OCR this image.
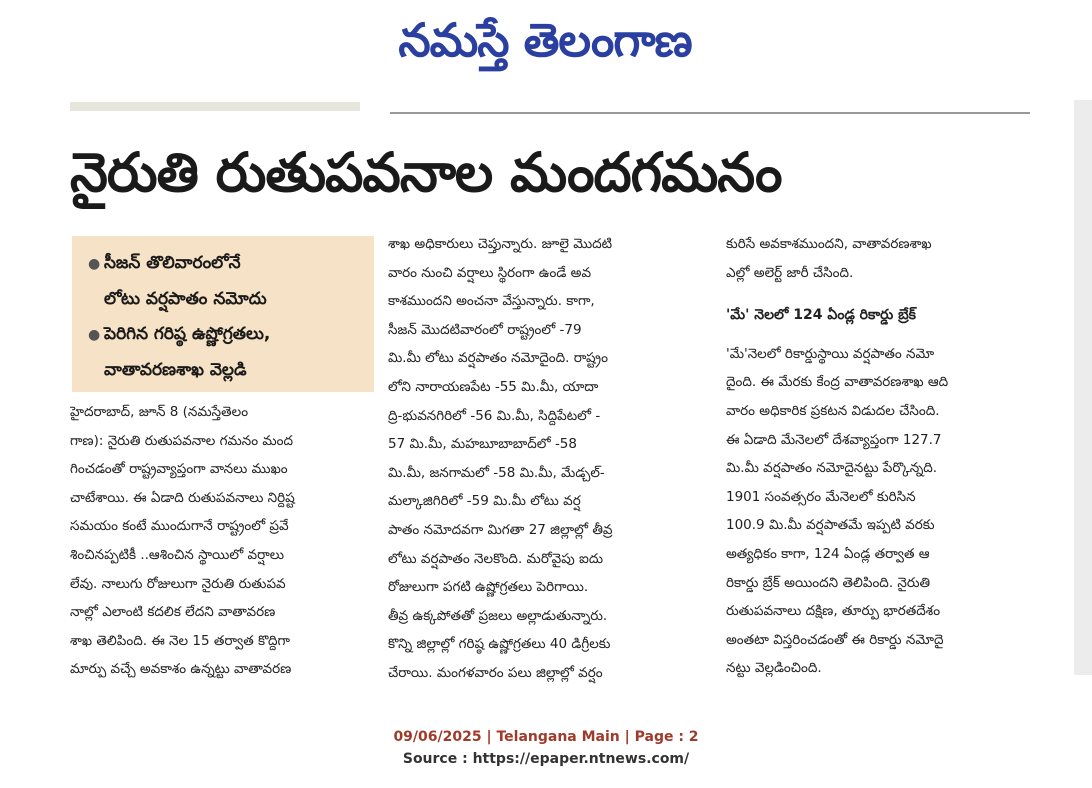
నమస్తే తెలంగాణ
నైరుతి రుతుపవనాల మందగమనం
● సీజన్ తొలివారంలోనే
లోటు వర్షపాతం నమోదు
● పెరిగిన గరిష్ఠ ఉష్ణోగ్రతలు,
వాతావరణశాఖ వెల్లడి

హైదరాబాద్, జూన్ 8 (నమస్తేతెలం

గాణ): నైరుతి రుతుపవనాల గమనం మంద

గించడంతో రాష్ట్రవ్యాప్తంగా వానలు ముఖం

చాటేశాయి. ఈ ఏడాది రుతుపవనాలు నిర్దిష్ట

సమయం కంటే ముందుగానే రాష్ట్రంలో ప్రవే

శించినప్పటికీ ..ఆశించిన స్థాయిలో వర్షాలు

లేవు. నాలుగు రోజులుగా నైరుతి రుతుపవ

నాల్లో ఎలాంటి కదలిక లేదని వాతావరణ

శాఖ తెలిపింది. ఈ నెల 15 తర్వాత కొద్దిగా

మార్పు వచ్చే అవకాశం ఉన్నట్టు వాతావరణ

శాఖ అధికారులు చెప్తున్నారు. జూలై మొదటి

వారం నుంచి వర్షాలు స్థిరంగా ఉండే అవ

కాశముందని అంచనా వేస్తున్నారు. కాగా,

సీజన్ మొదటివారంలో రాష్ట్రంలో -79

మి.మీ లోటు వర్షపాతం నమోదైంది. రాష్ట్రం

లోని నారాయణపేట -55 మి.మీ, యాదా

ద్రి-భువనగిరిలో -56 మి.మీ, సిద్దిపేటలో -

57 మి.మీ, మహబూబాబాద్‌లో -58

మి.మీ, జనగామలో -58 మి.మీ, మేడ్చల్-

మల్కాజిగిరిలో -59 మి.మీ లోటు వర్ష

పాతం నమోదవగా మిగతా 27 జిల్లాల్లో తీవ్ర

లోటు వర్షపాతం నెలకొంది. మరోవైపు ఐదు

రోజులుగా పగటి ఉష్ణోగ్రతలు పెరిగాయి.

తీవ్ర ఉక్కపోతతో ప్రజలు అల్లాడుతున్నారు.

కొన్ని జిల్లాల్లో గరిష్ఠ ఉష్ణోగ్రతలు 40 డిగ్రీలకు

చేరాయి. మంగళవారం పలు జిల్లాల్లో వర్షం

కురిసే అవకాశముందని, వాతావరణశాఖ

ఎల్లో అలెర్ట్ జారీ చేసింది.

'మే' నెలలో 124 ఏండ్ల రికార్డు బ్రేక్

'మే'నెలలో రికార్డుస్థాయి వర్షపాతం నమో

దైంది. ఈ మేరకు కేంద్ర వాతావరణశాఖ ఆది

వారం అధికారిక ప్రకటన విడుదల చేసింది.

ఈ ఏడాది మేనెలలో దేశవ్యాప్తంగా 127.7

మి.మీ వర్షపాతం నమోదైనట్టు పేర్కొన్నది.

1901 సంవత్సరం మేనెలలో కురిసిన

100.9 మి.మీ వర్షపాతమే ఇప్పటి వరకు

అత్యధికం కాగా, 124 ఏండ్ల తర్వాత ఆ

రికార్డు బ్రేక్ అయిందని తెలిపింది. నైరుతి

రుతుపవనాలు దక్షిణ, తూర్పు భారతదేశం

అంతటా విస్తరించడంతో ఈ రికార్డు నమోదై

నట్టు వెల్లడించింది.

09/06/2025 | Telangana Main | Page : 2
Source : https://epaper.ntnews.com/
